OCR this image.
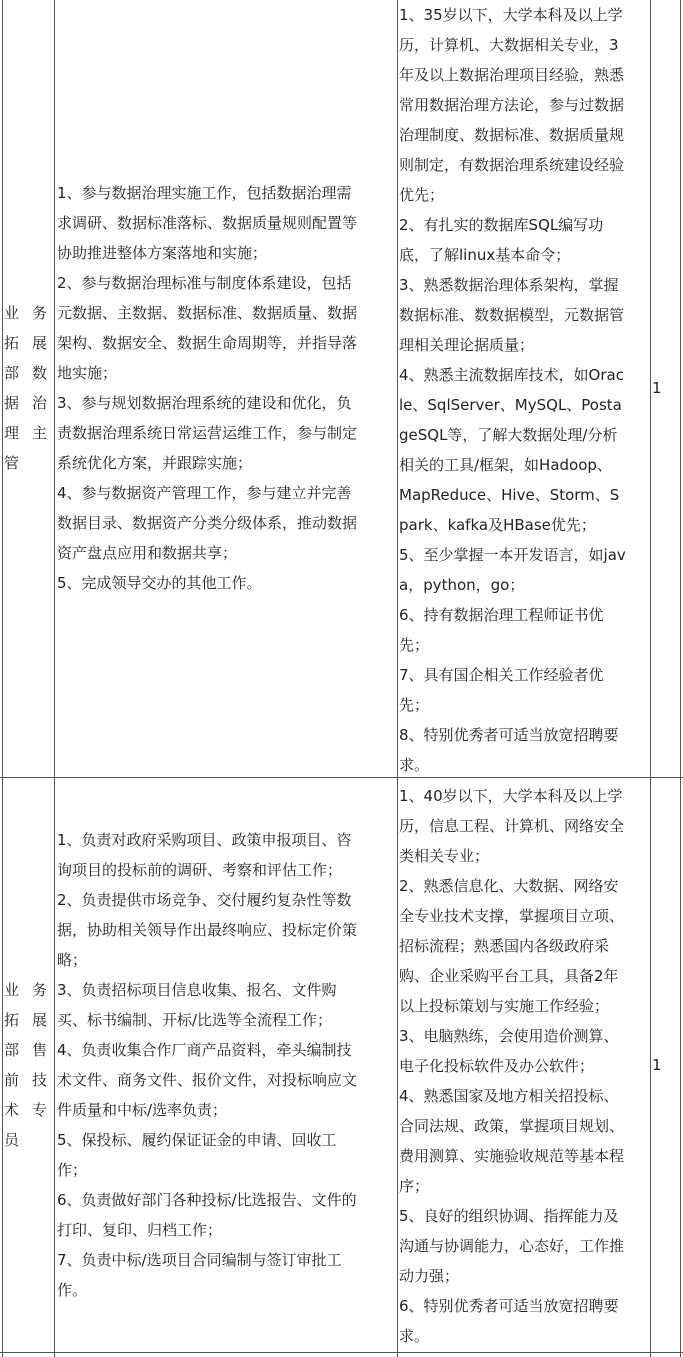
业
拓
部
据
理
管
务
展
数
治
主
1、参与数据治理实施工作，包括数据治理需
求调研、数据标准落标、数据质量规则配置等
协助推进整体方案落地和实施；
2、参与数据治理标准与制度体系建设，包括
元数据、主数据、数据标准、数据质量、数据
架构、数据安全、数据生命周期等，并指导落
地实施；
3、参与规划数据治理系统的建设和优化，负
责数据治理系统日常运营运维工作，参与制定
系统优化方案，并跟踪实施；
4、参与数据资产管理工作，参与建立并完善
数据目录、数据资产分类分级体系，推动数据
资产盘点应用和数据共享；
5、完成领导交办的其他工作。
1、35岁以下，大学本科及以上学
历，计算机、大数据相关专业，3
年及以上数据治理项目经验，熟悉
常用数据治理方法论，参与过数据
治理制度、数据标准、数据质量规
则制定，有数据治理系统建设经验
优先；
2、有扎实的数据库SQL编写功
底，了解linux基本命令；
3、熟悉数据治理体系架构，掌握
数据标准、数数据模型，元数据管
理相关理论据质量；
4、熟悉主流数据库技术，如Orac
le、SqlServer、MySQL、Posta
geSQL等，了解大数据处理/分析
相关的工具/框架，如Hadoop、
MapReduce、Hive、Storm、S
park、kafka及HBase优先；
5、至少掌握一本开发语言，如jav
a，python，go；
6、持有数据治理工程师证书优
先；
7、具有国企相关工作经验者优
先；
8、特别优秀者可适当放宽招聘要
求。
1
业
拓
部
前
术
员
务
展
售
技
专
1、负责对政府采购项目、政策申报项目、咨
询项目的投标前的调研、考察和评估工作；
2、负责提供市场竞争、交付履约复杂性等数
据，协助相关领导作出最终响应、投标定价策
略；
3、负责招标项目信息收集、报名、文件购
买、标书编制、开标/比选等全流程工作；
4、负责收集合作厂商产品资料，牵头编制技
术文件、商务文件、报价文件，对投标响应文
件质量和中标/选率负责；
5、保投标、履约保证证金的申请、回收工
作；
6、负责做好部门各种投标/比选报告、文件的
打印、复印、归档工作；
7、负责中标/选项目合同编制与签订审批工
作。
1、40岁以下，大学本科及以上学
历，信息工程、计算机、网络安全
类相关专业；
2、熟悉信息化、大数据、网络安
全专业技术支撑，掌握项目立项、
招标流程；熟悉国内各级政府采
购、企业采购平台工具，具备2年
以上投标策划与实施工作经验；
3、电脑熟练，会使用造价测算、
电子化投标软件及办公软件；
4、熟悉国家及地方相关招投标、
合同法规、政策，掌握项目规划、
费用测算、实施验收规范等基本程
序；
5、良好的组织协调、指挥能力及
沟通与协调能力，心态好，工作推
动力强；
6、特别优秀者可适当放宽招聘要
求。
1
